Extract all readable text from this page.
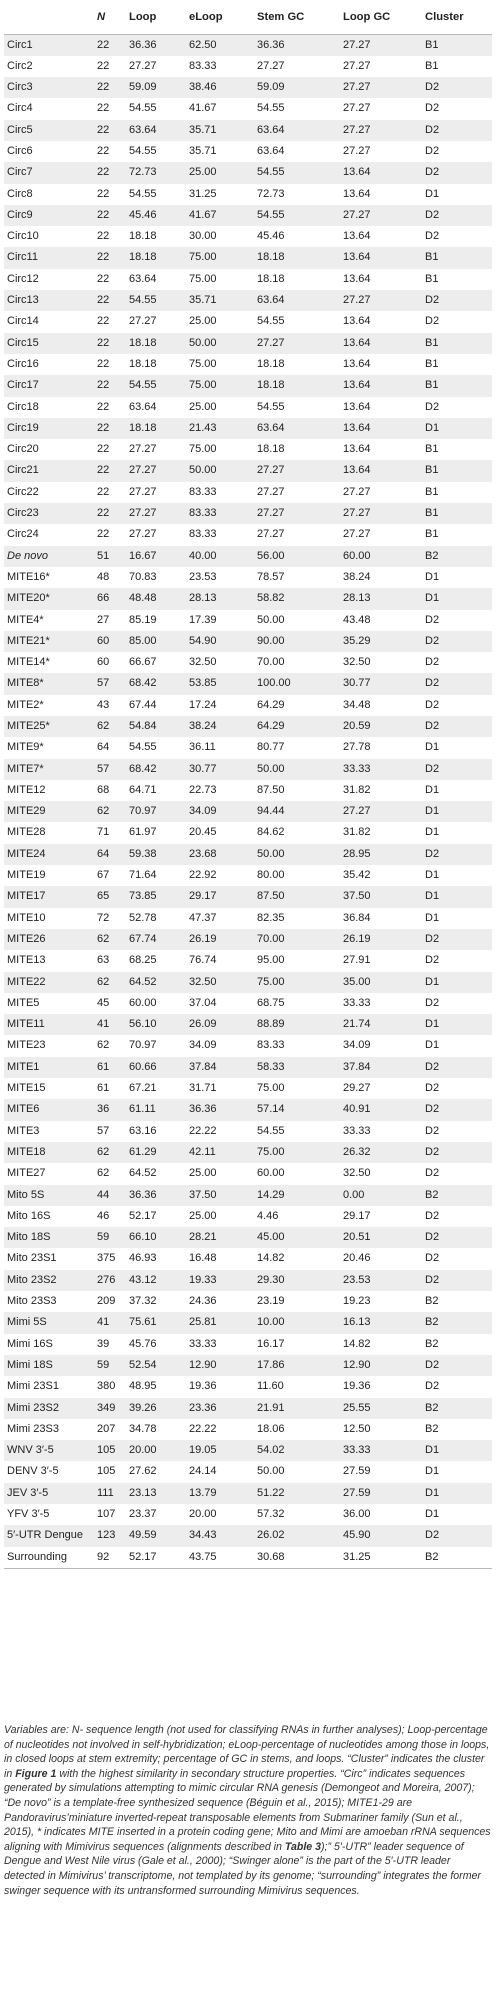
	N	Loop	eLoop	Stem GC	Loop GC	Cluster
Circ1	22	36.36	62.50	36.36	27.27	B1
Circ2	22	27.27	83.33	27.27	27.27	B1
Circ3	22	59.09	38.46	59.09	27.27	D2
Circ4	22	54.55	41.67	54.55	27.27	D2
Circ5	22	63.64	35.71	63.64	27.27	D2
Circ6	22	54.55	35.71	63.64	27.27	D2
Circ7	22	72.73	25.00	54.55	13.64	D2
Circ8	22	54.55	31.25	72.73	13.64	D1
Circ9	22	45.46	41.67	54.55	27.27	D2
Circ10	22	18.18	30.00	45.46	13.64	D2
Circ11	22	18.18	75.00	18.18	13.64	B1
Circ12	22	63.64	75.00	18.18	13.64	B1
Circ13	22	54.55	35.71	63.64	27.27	D2
Circ14	22	27.27	25.00	54.55	13.64	D2
Circ15	22	18.18	50.00	27.27	13.64	B1
Circ16	22	18.18	75.00	18.18	13.64	B1
Circ17	22	54.55	75.00	18.18	13.64	B1
Circ18	22	63.64	25.00	54.55	13.64	D2
Circ19	22	18.18	21.43	63.64	13.64	D1
Circ20	22	27.27	75.00	18.18	13.64	B1
Circ21	22	27.27	50.00	27.27	13.64	B1
Circ22	22	27.27	83.33	27.27	27.27	B1
Circ23	22	27.27	83.33	27.27	27.27	B1
Circ24	22	27.27	83.33	27.27	27.27	B1
De novo	51	16.67	40.00	56.00	60.00	B2
MITE16*	48	70.83	23.53	78.57	38.24	D1
MITE20*	66	48.48	28.13	58.82	28.13	D1
MITE4*	27	85.19	17.39	50.00	43.48	D2
MITE21*	60	85.00	54.90	90.00	35.29	D2
MITE14*	60	66.67	32.50	70.00	32.50	D2
MITE8*	57	68.42	53.85	100.00	30.77	D2
MITE2*	43	67.44	17.24	64.29	34.48	D2
MITE25*	62	54.84	38.24	64.29	20.59	D2
MITE9*	64	54.55	36.11	80.77	27.78	D1
MITE7*	57	68.42	30.77	50.00	33.33	D2
MITE12	68	64.71	22.73	87.50	31.82	D1
MITE29	62	70.97	34.09	94.44	27.27	D1
MITE28	71	61.97	20.45	84.62	31.82	D1
MITE24	64	59.38	23.68	50.00	28.95	D2
MITE19	67	71.64	22.92	80.00	35.42	D1
MITE17	65	73.85	29.17	87.50	37.50	D1
MITE10	72	52.78	47.37	82.35	36.84	D1
MITE26	62	67.74	26.19	70.00	26.19	D2
MITE13	63	68.25	76.74	95.00	27.91	D2
MITE22	62	64.52	32.50	75.00	35.00	D1
MITE5	45	60.00	37.04	68.75	33.33	D2
MITE11	41	56.10	26.09	88.89	21.74	D1
MITE23	62	70.97	34.09	83.33	34.09	D1
MITE1	61	60.66	37.84	58.33	37.84	D2
MITE15	61	67.21	31.71	75.00	29.27	D2
MITE6	36	61.11	36.36	57.14	40.91	D2
MITE3	57	63.16	22.22	54.55	33.33	D2
MITE18	62	61.29	42.11	75.00	26.32	D2
MITE27	62	64.52	25.00	60.00	32.50	D2
Mito 5S	44	36.36	37.50	14.29	0.00	B2
Mito 16S	46	52.17	25.00	4.46	29.17	D2
Mito 18S	59	66.10	28.21	45.00	20.51	D2
Mito 23S1	375	46.93	16.48	14.82	20.46	D2
Mito 23S2	276	43.12	19.33	29.30	23.53	D2
Mito 23S3	209	37.32	24.36	23.19	19.23	B2
Mimi 5S	41	75.61	25.81	10.00	16.13	B2
Mimi 16S	39	45.76	33.33	16.17	14.82	B2
Mimi 18S	59	52.54	12.90	17.86	12.90	D2
Mimi 23S1	380	48.95	19.36	11.60	19.36	D2
Mimi 23S2	349	39.26	23.36	21.91	25.55	B2
Mimi 23S3	207	34.78	22.22	18.06	12.50	B2
WNV 3′-5	105	20.00	19.05	54.02	33.33	D1
DENV 3′-5	105	27.62	24.14	50.00	27.59	D1
JEV 3′-5	111	23.13	13.79	51.22	27.59	D1
YFV 3′-5	107	23.37	20.00	57.32	36.00	D1
5′-UTR Dengue	123	49.59	34.43	26.02	45.90	D2
Surrounding	92	52.17	43.75	30.68	31.25	B2
Variables are: N- sequence length (not used for classifying RNAs in further analyses); Loop-percentage of nucleotides not involved in self-hybridization; eLoop-percentage of nucleotides among those in loops, in closed loops at stem extremity; percentage of GC in stems, and loops. “Cluster” indicates the cluster in Figure 1 with the highest similarity in secondary structure properties. “Circ” indicates sequences generated by simulations attempting to mimic circular RNA genesis (Demongeot and Moreira, 2007); “De novo” is a template-free synthesized sequence (Béguin et al., 2015); MITE1-29 are Pandoravirus’miniature inverted-repeat transposable elements from Submariner family (Sun et al., 2015), * indicates MITE inserted in a protein coding gene; Mito and Mimi are amoeban rRNA sequences aligning with Mimivirus sequences (alignments described in Table 3);” 5′-UTR” leader sequence of Dengue and West Nile virus (Gale et al., 2000); “Swinger alone” is the part of the 5′-UTR leader detected in Mimivirus’ transcriptome, not templated by its genome; “surrounding” integrates the former swinger sequence with its untransformed surrounding Mimivirus sequences.
